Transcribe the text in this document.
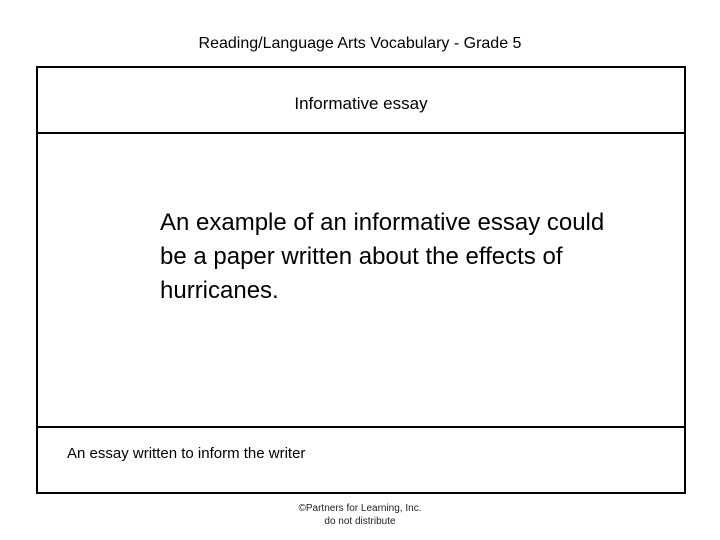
Reading/Language Arts Vocabulary - Grade 5
Informative essay

An example of an informative essay could be a paper written about the effects of hurricanes.

An essay written to inform the writer
©Partners for Learning, Inc.
do not distribute
